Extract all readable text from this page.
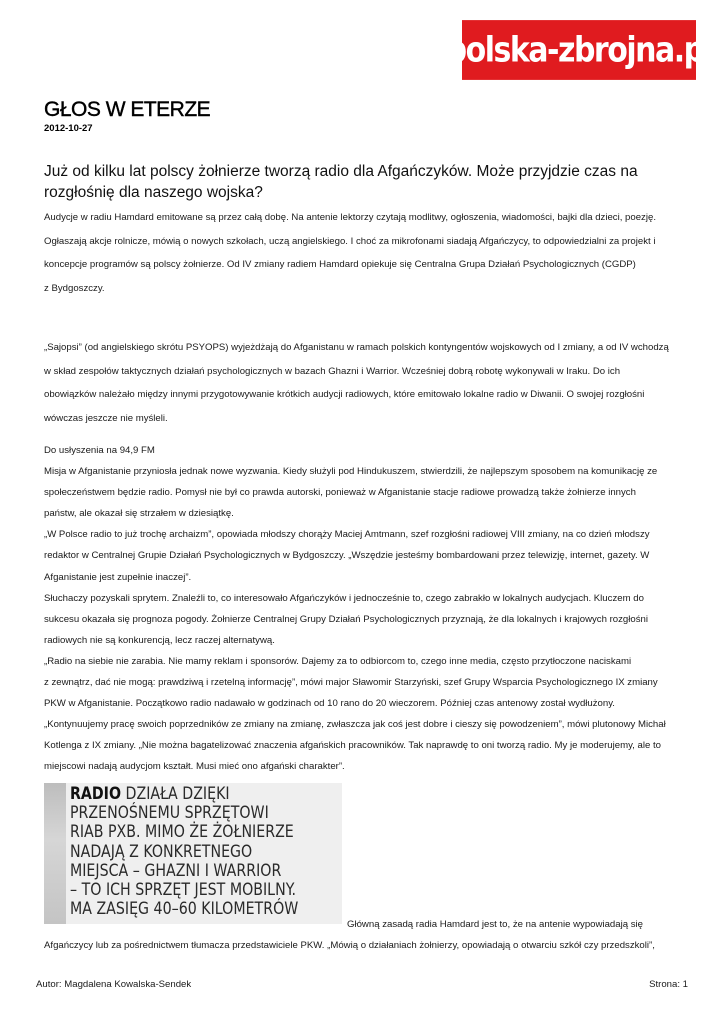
polska-zbrojna.pl
GŁOS W ETERZE
2012-10-27
Już od kilku lat polscy żołnierze tworzą radio dla Afgańczyków. Może przyjdzie czas na rozgłośnię dla naszego wojska?
Audycje w radiu Hamdard emitowane są przez całą dobę. Na antenie lektorzy czytają modlitwy, ogłoszenia, wiadomości, bajki dla dzieci, poezję.
Ogłaszają akcje rolnicze, mówią o nowych szkołach, uczą angielskiego. I choć za mikrofonami siadają Afgańczycy, to odpowiedzialni za projekt i
koncepcje programów są polscy żołnierze. Od IV zmiany radiem Hamdard opiekuje się Centralna Grupa Działań Psychologicznych (CGDP)
z Bydgoszczy.
„Sajopsi” (od angielskiego skrótu PSYOPS) wyjeżdżają do Afganistanu w ramach polskich kontyngentów wojskowych od I zmiany, a od IV wchodzą
w skład zespołów taktycznych działań psychologicznych w bazach Ghazni i Warrior. Wcześniej dobrą robotę wykonywali w Iraku. Do ich
obowiązków należało między innymi przygotowywanie krótkich audycji radiowych, które emitowało lokalne radio w Diwanii. O swojej rozgłośni
wówczas jeszcze nie myśleli.
Do usłyszenia na 94,9 FM
Misja w Afganistanie przyniosła jednak nowe wyzwania. Kiedy służyli pod Hindukuszem, stwierdzili, że najlepszym sposobem na komunikację ze
społeczeństwem będzie radio. Pomysł nie był co prawda autorski, ponieważ w Afganistanie stacje radiowe prowadzą także żołnierze innych
państw, ale okazał się strzałem w dziesiątkę.
„W Polsce radio to już trochę archaizm”, opowiada młodszy chorąży Maciej Amtmann, szef rozgłośni radiowej VIII zmiany, na co dzień młodszy
redaktor w Centralnej Grupie Działań Psychologicznych w Bydgoszczy. „Wszędzie jesteśmy bombardowani przez telewizję, internet, gazety. W
Afganistanie jest zupełnie inaczej”.
Słuchaczy pozyskali sprytem. Znaleźli to, co interesowało Afgańczyków i jednocześnie to, czego zabrakło w lokalnych audycjach. Kluczem do
sukcesu okazała się prognoza pogody. Żołnierze Centralnej Grupy Działań Psychologicznych przyznają, że dla lokalnych i krajowych rozgłośni
radiowych nie są konkurencją, lecz raczej alternatywą.
„Radio na siebie nie zarabia. Nie mamy reklam i sponsorów. Dajemy za to odbiorcom to, czego inne media, często przytłoczone naciskami
z zewnątrz, dać nie mogą: prawdziwą i rzetelną informację”, mówi major Sławomir Starzyński, szef Grupy Wsparcia Psychologicznego IX zmiany
PKW w Afganistanie. Początkowo radio nadawało w godzinach od 10 rano do 20 wieczorem. Później czas antenowy został wydłużony.
„Kontynuujemy pracę swoich poprzedników ze zmiany na zmianę, zwłaszcza jak coś jest dobre i cieszy się powodzeniem”, mówi plutonowy Michał
Kotlenga z IX zmiany. „Nie można bagatelizować znaczenia afgańskich pracowników. Tak naprawdę to oni tworzą radio. My je moderujemy, ale to
miejscowi nadają audycjom kształt. Musi mieć ono afgański charakter”.
RADIO DZIAŁA DZIĘKI
PRZENOŚNEMU SPRZĘTOWI
RIAB PXB. MIMO ŻE ŻOŁNIERZE
NADAJĄ Z KONKRETNEGO
MIEJSCA – GHAZNI I WARRIOR
– TO ICH SPRZĘT JEST MOBILNY.
MA ZASIĘG 40–60 KILOMETRÓW
Główną zasadą radia Hamdard jest to, że na antenie wypowiadają się
Afgańczycy lub za pośrednictwem tłumacza przedstawiciele PKW. „Mówią o działaniach żołnierzy, opowiadają o otwarciu szkół czy przedszkoli”,
Autor: Magdalena Kowalska-Sendek	Strona: 1
